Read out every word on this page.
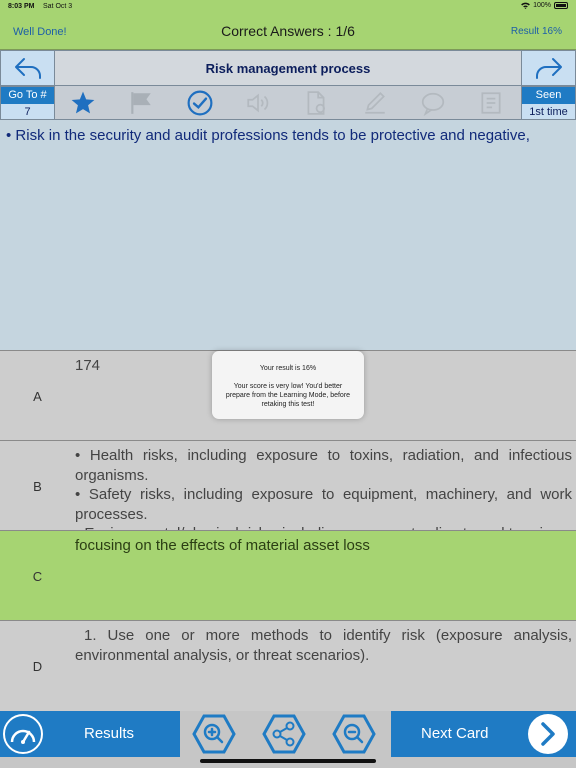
8:03 PM Sat Oct 3	100%
Well Done!	Correct Answers : 1/6	Result 16%
Risk management process
Go To #
7
Seen
1st time
• Risk in the security and audit professions tends to be protective and negative,
A
174
B
• Health risks, including exposure to toxins, radiation, and infectious organisms.
• Safety risks, including exposure to equipment, machinery, and work processes.
C
focusing on the effects of material asset loss
D
1. Use one or more methods to identify risk (exposure analysis, environmental analysis, or threat scenarios).
Your result is 16%
Your score is very low! You'd better prepare from the Learning Mode, before retaking this test!
Results	Next Card
